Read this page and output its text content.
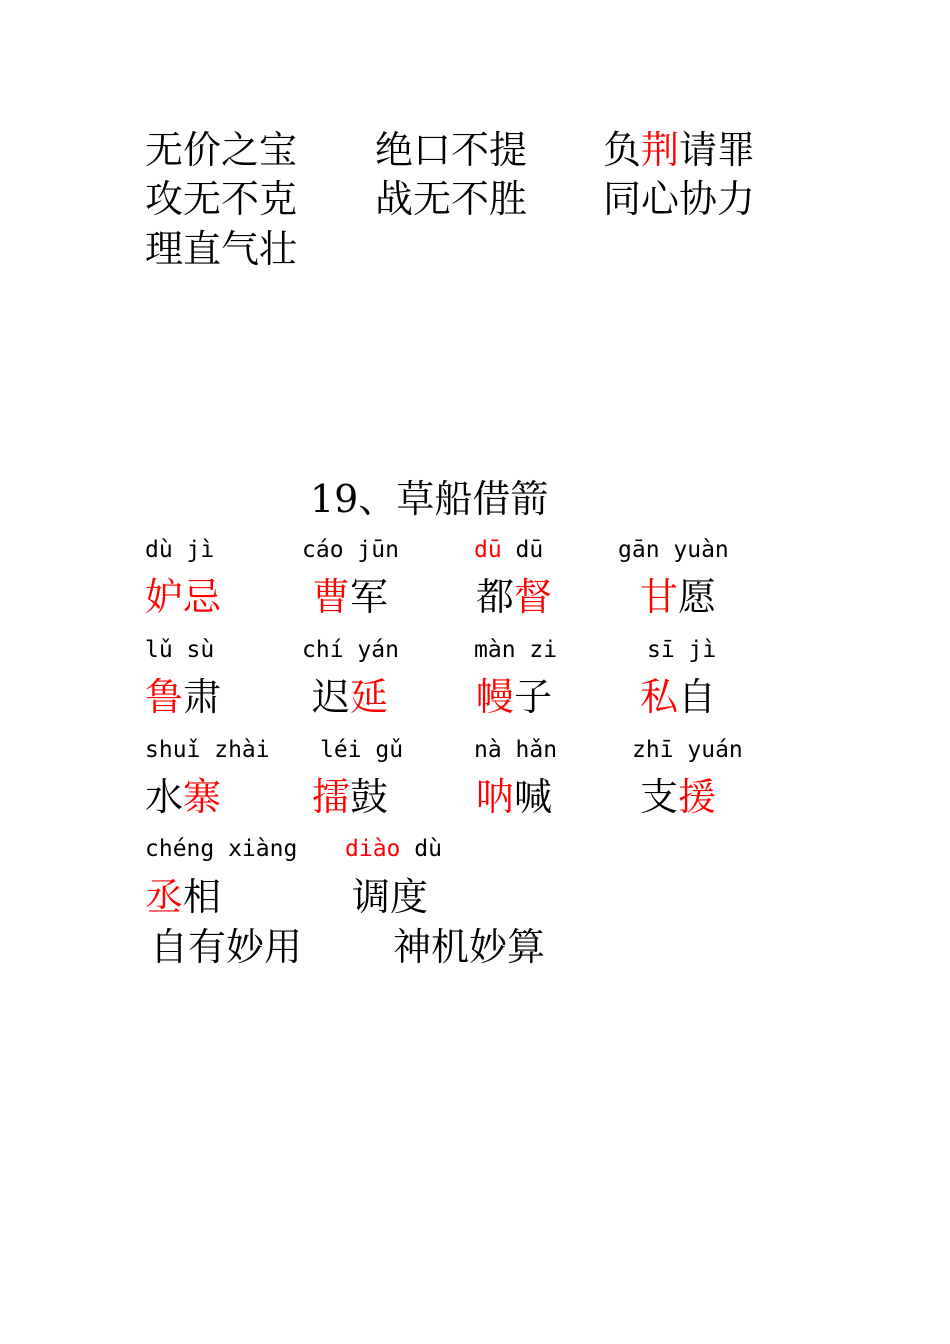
无价之宝 绝口不提 负荆请罪
攻无不克 战无不胜 同心协力
理直气壮
19、草船借箭
dù jì
妒忌
cáo jūn
曹军
dū dū
都督
gān yuàn
甘愿
lǔ sù
鲁肃
chí yán
迟延
màn zi
幔子
sī jì
私自
shuǐ zhài
水寨
léi gǔ
擂鼓
nà hǎn
呐喊
zhī yuán
支援
chéng xiàng
丞相
diào dù
调度
自有妙用 神机妙算
